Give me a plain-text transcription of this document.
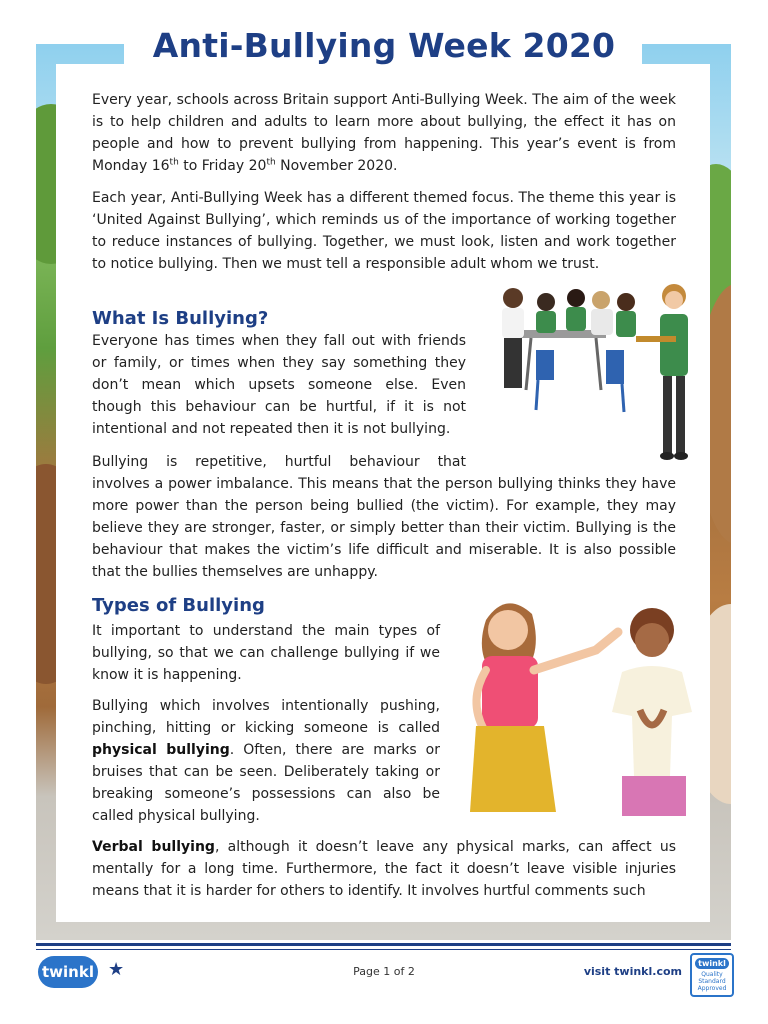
Anti-Bullying Week 2020

Every year, schools across Britain support Anti-Bullying Week. The aim of the week is to help children and adults to learn more about bullying, the effect it has on people and how to prevent bullying from happening. This year’s event is from Monday 16th to Friday 20th November 2020.

Each year, Anti-Bullying Week has a different themed focus. The theme this year is ‘United Against Bullying’, which reminds us of the importance of working together to reduce instances of bullying. Together, we must look, listen and work together to notice bullying. Then we must tell a responsible adult whom we trust.

What Is Bullying?

Everyone has times when they fall out with friends or family, or times when they say something they don’t mean which upsets someone else. Even though this behaviour can be hurtful, if it is not intentional and not repeated then it is not bullying.

Bullying is repetitive, hurtful behaviour that

involves a power imbalance. This means that the person bullying thinks they have more power than the person being bullied (the victim). For example, they may believe they are stronger, faster, or simply better than their victim. Bullying is the behaviour that makes the victim’s life difficult and miserable. It is also possible that the bullies themselves are unhappy.

Types of Bullying

It important to understand the main types of bullying, so that we can challenge bullying if we know it is happening.

Bullying which involves intentionally pushing, pinching, hitting or kicking someone is called physical bullying. Often, there are marks or bruises that can be seen. Deliberately taking or breaking someone’s possessions can also be called physical bullying.

Verbal bullying, although it doesn’t leave any physical marks, can affect us mentally for a long time. Furthermore, the fact it doesn’t leave visible injuries means that it is harder for others to identify. It involves hurtful comments such

twinkl ★	Page 1 of 2	visit twinkl.com
twinkl
Quality Standard
Approved
